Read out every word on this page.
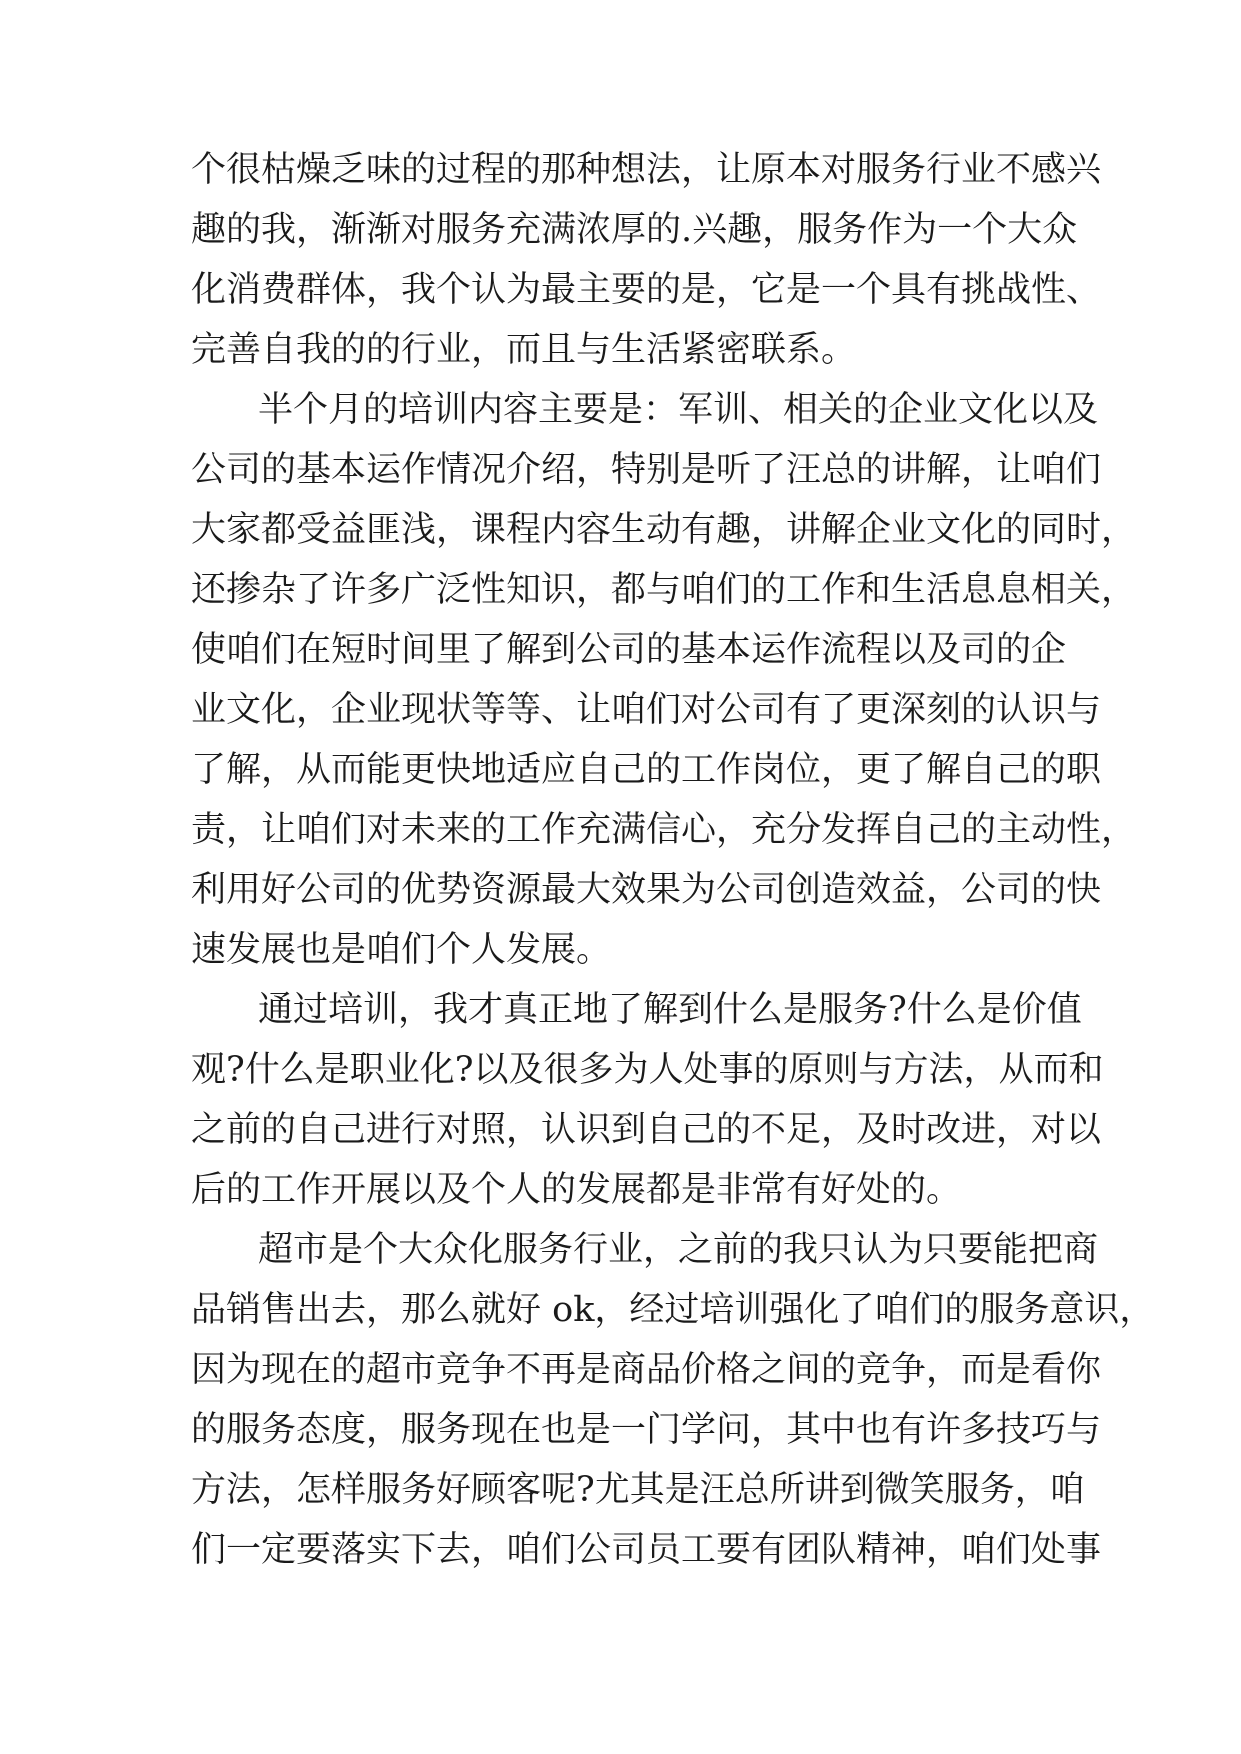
个很枯燥乏味的过程的那种想法，让原本对服务行业不感兴
趣的我，渐渐对服务充满浓厚的.兴趣，服务作为一个大众
化消费群体，我个认为最主要的是，它是一个具有挑战性、
完善自我的的行业，而且与生活紧密联系。
半个月的培训内容主要是：军训、相关的企业文化以及
公司的基本运作情况介绍，特别是听了汪总的讲解，让咱们
大家都受益匪浅，课程内容生动有趣，讲解企业文化的同时，
还掺杂了许多广泛性知识，都与咱们的工作和生活息息相关，
使咱们在短时间里了解到公司的基本运作流程以及司的企
业文化，企业现状等等、让咱们对公司有了更深刻的认识与
了解，从而能更快地适应自己的工作岗位，更了解自己的职
责，让咱们对未来的工作充满信心，充分发挥自己的主动性，
利用好公司的优势资源最大效果为公司创造效益，公司的快
速发展也是咱们个人发展。
通过培训，我才真正地了解到什么是服务?什么是价值
观?什么是职业化?以及很多为人处事的原则与方法，从而和
之前的自己进行对照，认识到自己的不足，及时改进，对以
后的工作开展以及个人的发展都是非常有好处的。
超市是个大众化服务行业，之前的我只认为只要能把商
品销售出去，那么就好 ok，经过培训强化了咱们的服务意识，
因为现在的超市竞争不再是商品价格之间的竞争，而是看你
的服务态度，服务现在也是一门学问，其中也有许多技巧与
方法，怎样服务好顾客呢?尤其是汪总所讲到微笑服务，咱
们一定要落实下去，咱们公司员工要有团队精神，咱们处事
